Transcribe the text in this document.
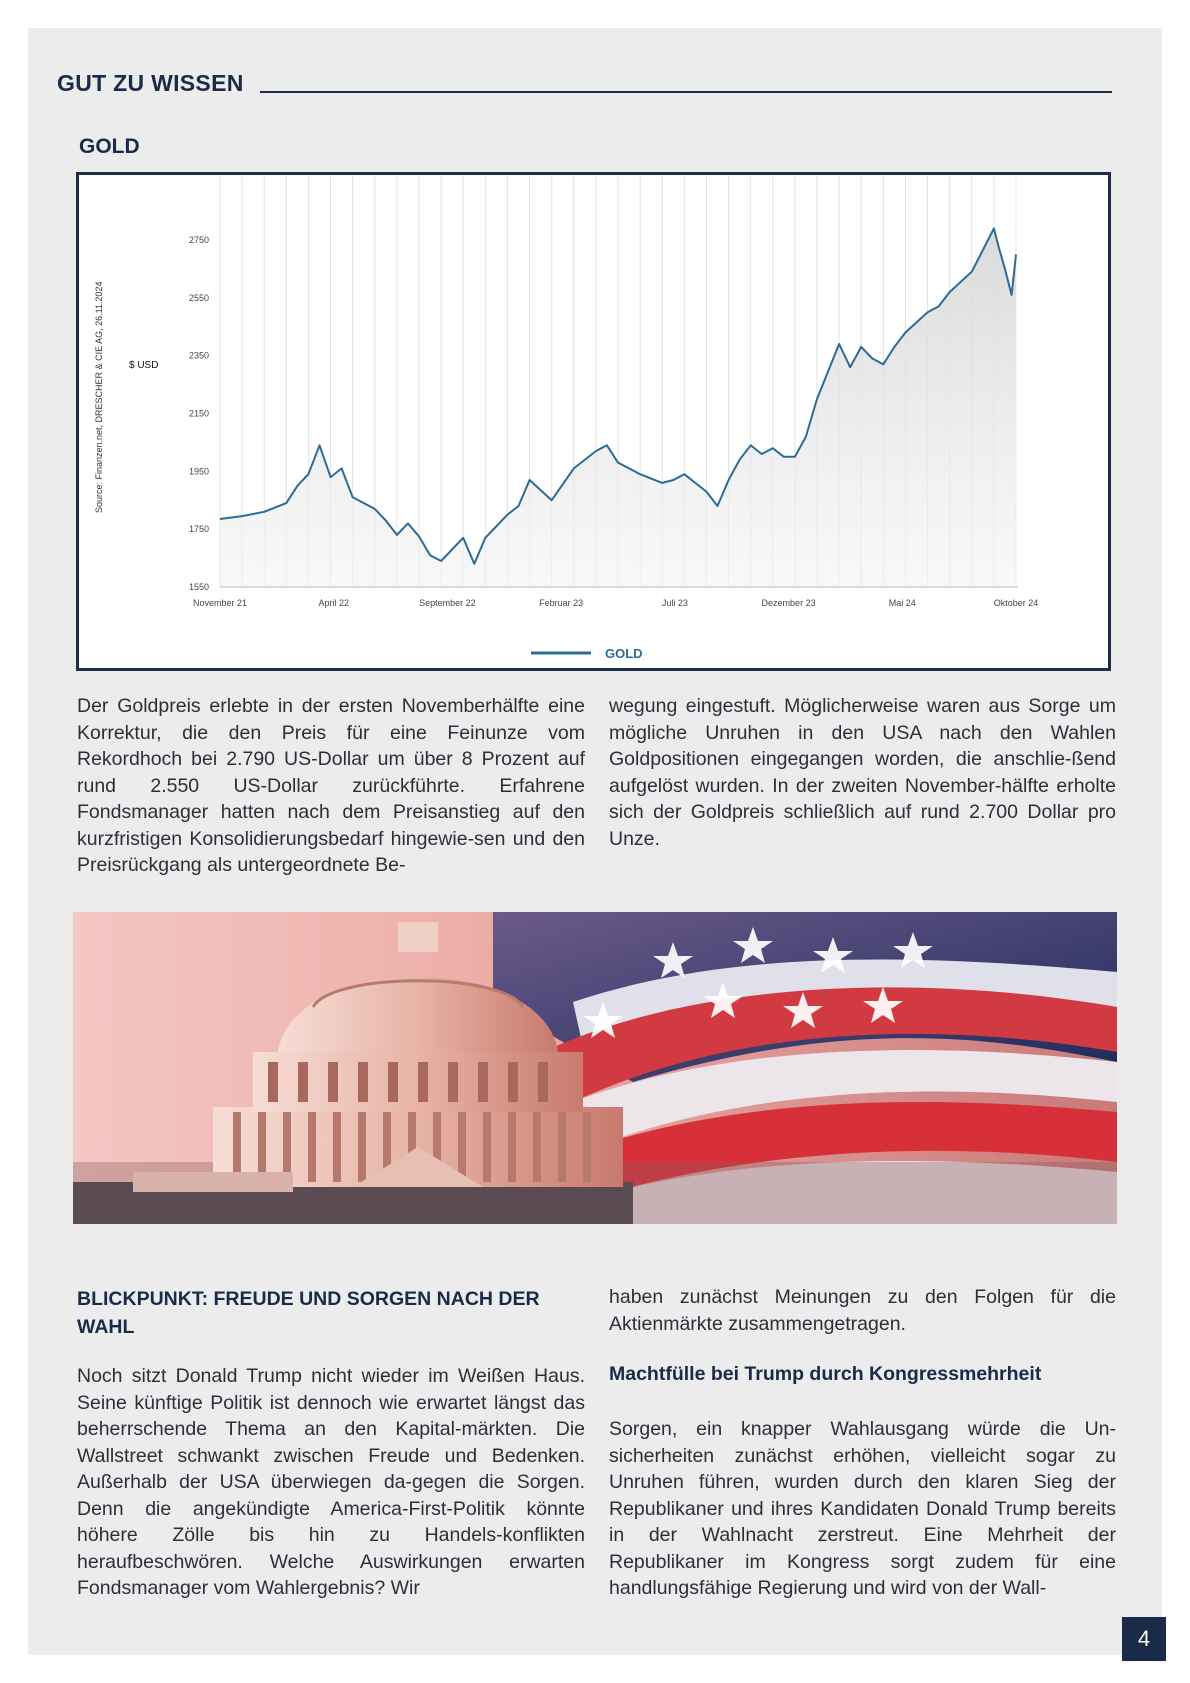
GUT ZU WISSEN
GOLD
1550
1750
1950
2150
2350
2550
2750
November 21	April 22	September 22	Februar 23	Juli 23	Dezember 23	Mai 24	Oktober 24
$ USD
Source: Finanzen.net, DRESCHER & CIE AG, 26.11.2024
GOLD

Der Goldpreis erlebte in der ersten Novemberhälfte eine Korrektur, die den Preis für eine Feinunze vom Rekordhoch bei 2.790 US-Dollar um über 8 Prozent auf rund 2.550 US-Dollar zurückführte. Erfahrene Fondsmanager hatten nach dem Preisanstieg auf den kurzfristigen Konsolidierungsbedarf hingewie-sen und den Preisrückgang als untergeordnete Be-

wegung eingestuft. Möglicherweise waren aus Sorge um mögliche Unruhen in den USA nach den Wahlen Goldpositionen eingegangen worden, die anschlie-ßend aufgelöst wurden. In der zweiten November-hälfte erholte sich der Goldpreis schließlich auf rund 2.700 Dollar pro Unze.

BLICKPUNKT: FREUDE UND SORGEN NACH DER
WAHL

Noch sitzt Donald Trump nicht wieder im Weißen Haus. Seine künftige Politik ist dennoch wie erwartet längst das beherrschende Thema an den Kapital-märkten. Die Wallstreet schwankt zwischen Freude und Bedenken. Außerhalb der USA überwiegen da-gegen die Sorgen. Denn die angekündigte America-First-Politik könnte höhere Zölle bis hin zu Handels-konflikten heraufbeschwören. Welche Auswirkungen erwarten Fondsmanager vom Wahlergebnis? Wir

haben zunächst Meinungen zu den Folgen für die Aktienmärkte zusammengetragen.

Machtfülle bei Trump durch Kongressmehrheit

Sorgen, ein knapper Wahlausgang würde die Un-sicherheiten zunächst erhöhen, vielleicht sogar zu Unruhen führen, wurden durch den klaren Sieg der Republikaner und ihres Kandidaten Donald Trump bereits in der Wahlnacht zerstreut. Eine Mehrheit der Republikaner im Kongress sorgt zudem für eine handlungsfähige Regierung und wird von der Wall-

4
